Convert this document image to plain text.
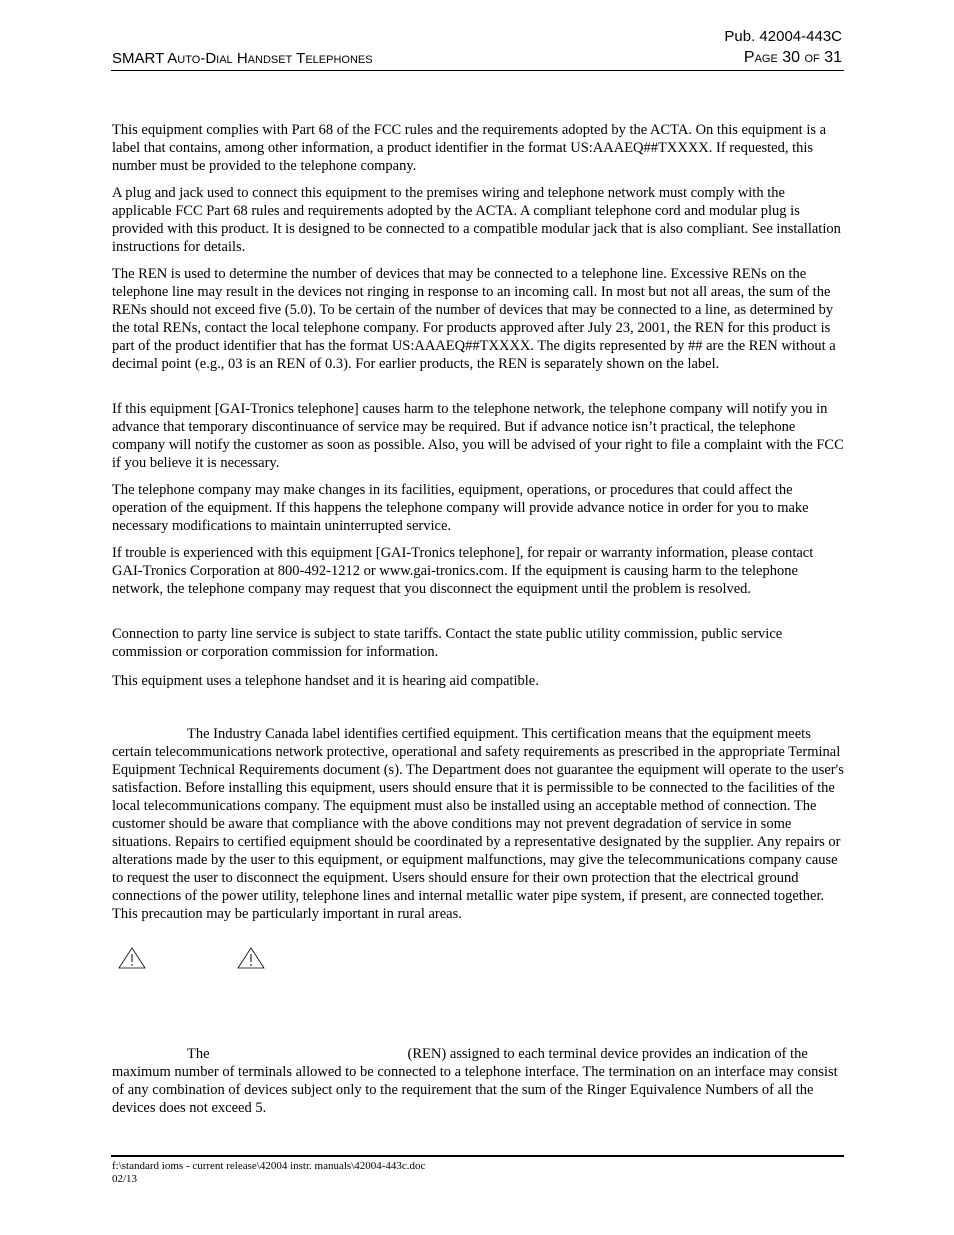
Pub. 42004-443C
SMART Auto-Dial Handset Telephones	Page 30 of 31

This equipment complies with Part 68 of the FCC rules and the requirements adopted by the ACTA. On this equipment is a label that contains, among other information, a product identifier in the format US:AAAEQ##TXXXX. If requested, this number must be provided to the telephone company.

A plug and jack used to connect this equipment to the premises wiring and telephone network must comply with the applicable FCC Part 68 rules and requirements adopted by the ACTA. A compliant telephone cord and modular plug is provided with this product. It is designed to be connected to a compatible modular jack that is also compliant. See installation instructions for details.

The REN is used to determine the number of devices that may be connected to a telephone line. Excessive RENs on the telephone line may result in the devices not ringing in response to an incoming call. In most but not all areas, the sum of the RENs should not exceed five (5.0). To be certain of the number of devices that may be connected to a line, as determined by the total RENs, contact the local telephone company. For products approved after July 23, 2001, the REN for this product is part of the product identifier that has the format US:AAAEQ##TXXXX. The digits represented by ## are the REN without a decimal point (e.g., 03 is an REN of 0.3). For earlier products, the REN is separately shown on the label.

If this equipment [GAI-Tronics telephone] causes harm to the telephone network, the telephone company will notify you in advance that temporary discontinuance of service may be required. But if advance notice isn’t practical, the telephone company will notify the customer as soon as possible. Also, you will be advised of your right to file a complaint with the FCC if you believe it is necessary.

The telephone company may make changes in its facilities, equipment, operations, or procedures that could affect the operation of the equipment. If this happens the telephone company will provide advance notice in order for you to make necessary modifications to maintain uninterrupted service.

If trouble is experienced with this equipment [GAI-Tronics telephone], for repair or warranty information, please contact GAI-Tronics Corporation at 800-492-1212 or www.gai-tronics.com. If the equipment is causing harm to the telephone network, the telephone company may request that you disconnect the equipment until the problem is resolved.

Connection to party line service is subject to state tariffs. Contact the state public utility commission, public service commission or corporation commission for information.

This equipment uses a telephone handset and it is hearing aid compatible.

The Industry Canada label identifies certified equipment. This certification means that the equipment meets certain telecommunications network protective, operational and safety requirements as prescribed in the appropriate Terminal Equipment Technical Requirements document (s). The Department does not guarantee the equipment will operate to the user's satisfaction. Before installing this equipment, users should ensure that it is permissible to be connected to the facilities of the local telecommunications company. The equipment must also be installed using an acceptable method of connection. The customer should be aware that compliance with the above conditions may not prevent degradation of service in some situations. Repairs to certified equipment should be coordinated by a representative designated by the supplier. Any repairs or alterations made by the user to this equipment, or equipment malfunctions, may give the telecommunications company cause to request the user to disconnect the equipment. Users should ensure for their own protection that the electrical ground connections of the power utility, telephone lines and internal metallic water pipe system, if present, are connected together. This precaution may be particularly important in rural areas.

The	(REN) assigned to each terminal device provides an indication of the maximum number of terminals allowed to be connected to a telephone interface. The termination on an interface may consist of any combination of devices subject only to the requirement that the sum of the Ringer Equivalence Numbers of all the devices does not exceed 5.

f:\standard ioms - current release\42004 instr. manuals\42004-443c.doc
02/13
